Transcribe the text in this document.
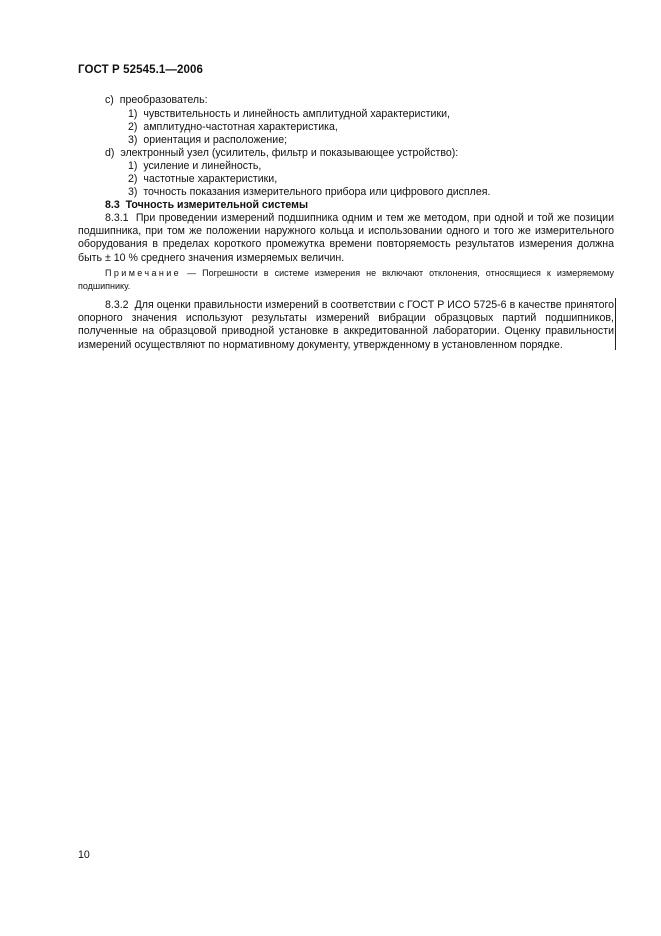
ГОСТ Р 52545.1—2006
c) преобразователь:
1) чувствительность и линейность амплитудной характеристики,
2) амплитудно-частотная характеристика,
3) ориентация и расположение;
d) электронный узел (усилитель, фильтр и показывающее устройство):
1) усиление и линейность,
2) частотные характеристики,
3) точность показания измерительного прибора или цифрового дисплея.
8.3 Точность измерительной системы
8.3.1 При проведении измерений подшипника одним и тем же методом, при одной и той же позиции подшипника, при том же положении наружного кольца и использовании одного и того же измерительного оборудования в пределах короткого промежутка времени повторяемость результатов измерения должна быть ± 10 % среднего значения измеряемых величин.
Примечание — Погрешности в системе измерения не включают отклонения, относящиеся к измеряемому подшипнику.
8.3.2 Для оценки правильности измерений в соответствии с ГОСТ Р ИСО 5725-6 в качестве принятого опорного значения используют результаты измерений вибрации образцовых партий подшипников, полученные на образцовой приводной установке в аккредитованной лаборатории. Оценку правильности измерений осуществляют по нормативному документу, утвержденному в установленном порядке.
10
